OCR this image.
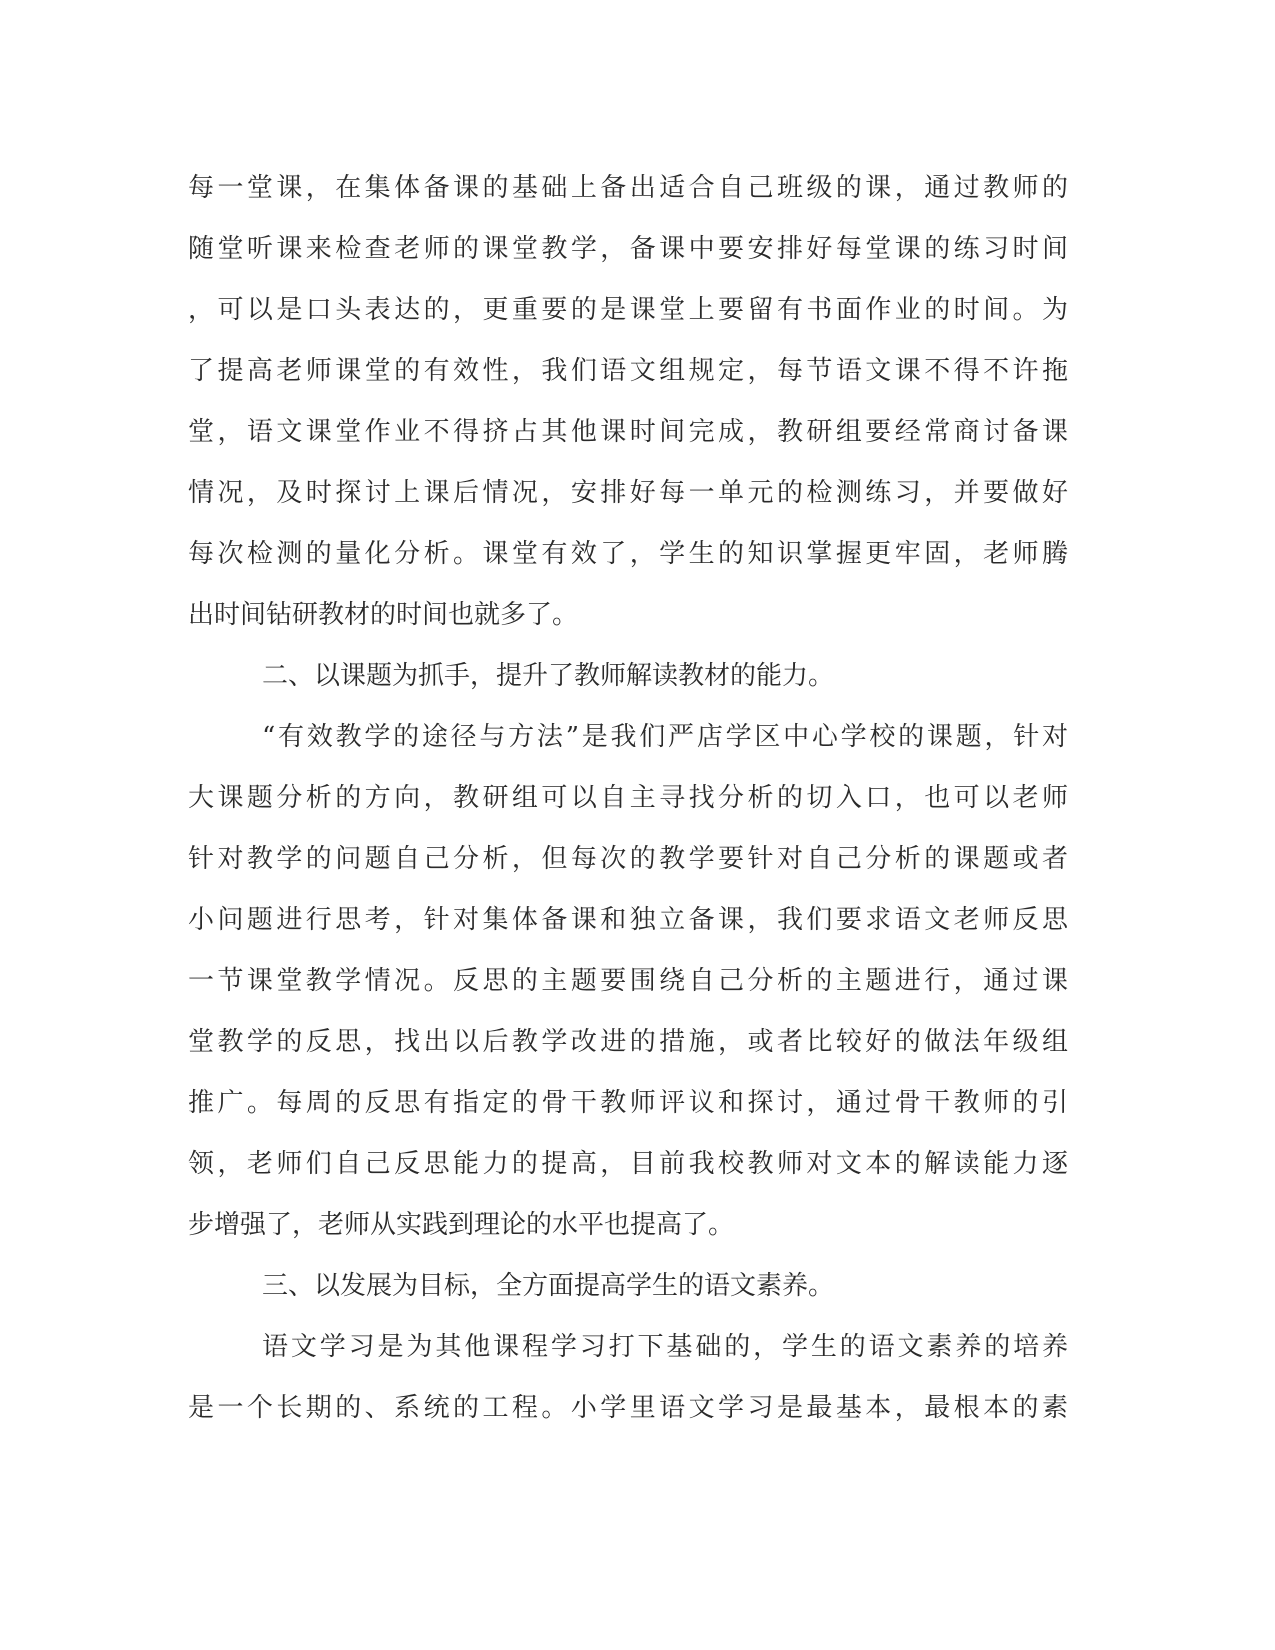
每一堂课，在集体备课的基础上备出适合自己班级的课，通过教师的
随堂听课来检查老师的课堂教学，备课中要安排好每堂课的练习时间
，可以是口头表达的，更重要的是课堂上要留有书面作业的时间。为
了提高老师课堂的有效性，我们语文组规定，每节语文课不得不许拖
堂，语文课堂作业不得挤占其他课时间完成，教研组要经常商讨备课
情况，及时探讨上课后情况，安排好每一单元的检测练习，并要做好
每次检测的量化分析。课堂有效了，学生的知识掌握更牢固，老师腾
出时间钻研教材的时间也就多了。
二、以课题为抓手，提升了教师解读教材的能力。
“有效教学的途径与方法”是我们严店学区中心学校的课题，针对
大课题分析的方向，教研组可以自主寻找分析的切入口，也可以老师
针对教学的问题自己分析，但每次的教学要针对自己分析的课题或者
小问题进行思考，针对集体备课和独立备课，我们要求语文老师反思
一节课堂教学情况。反思的主题要围绕自己分析的主题进行，通过课
堂教学的反思，找出以后教学改进的措施，或者比较好的做法年级组
推广。每周的反思有指定的骨干教师评议和探讨，通过骨干教师的引
领，老师们自己反思能力的提高，目前我校教师对文本的解读能力逐
步增强了，老师从实践到理论的水平也提高了。
三、以发展为目标，全方面提高学生的语文素养。
语文学习是为其他课程学习打下基础的，学生的语文素养的培养
是一个长期的、系统的工程。小学里语文学习是最基本，最根本的素
